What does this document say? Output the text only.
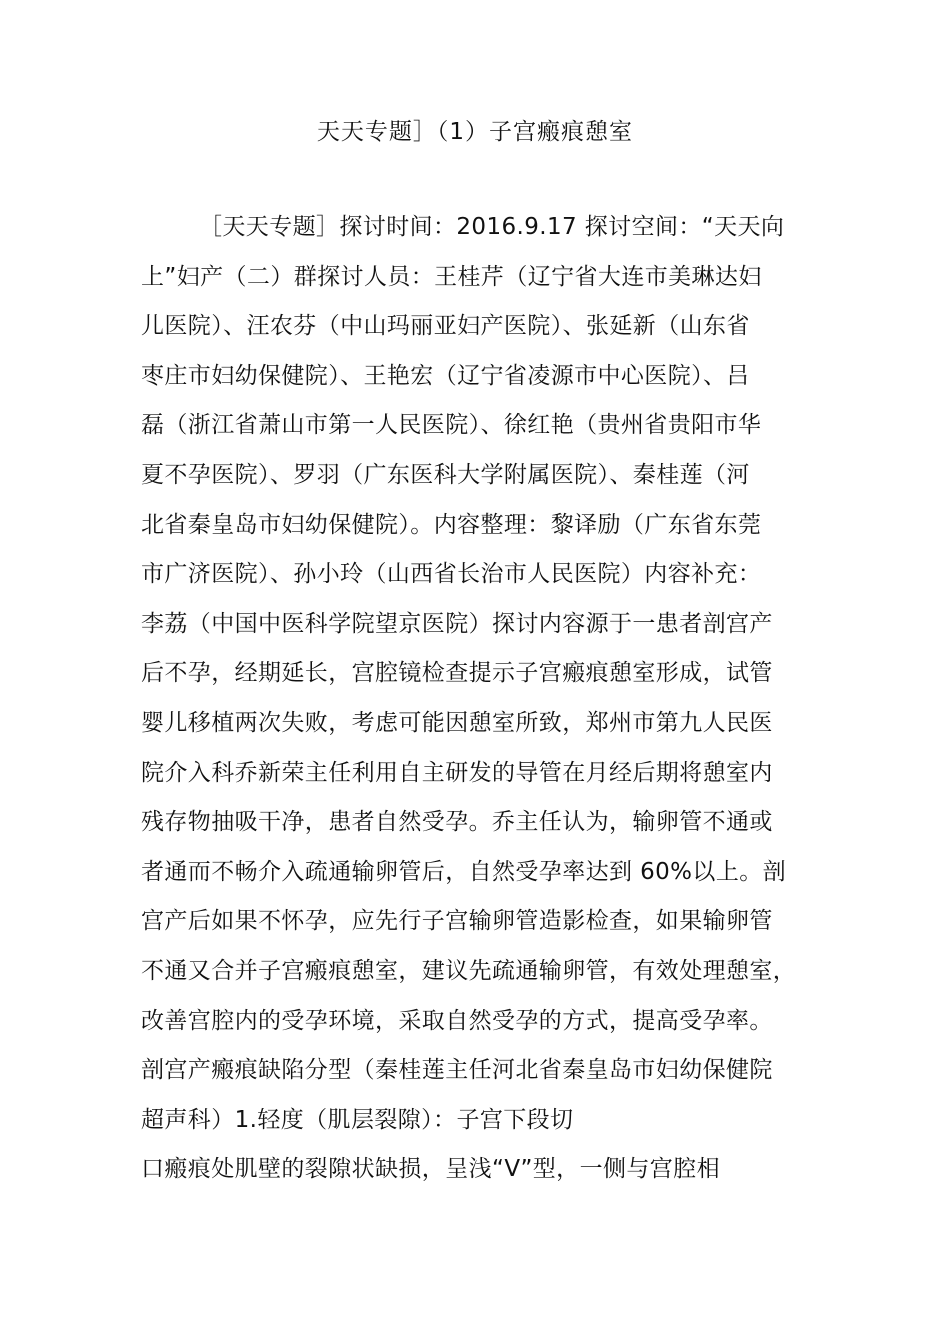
天天专题］（1）子宫瘢痕憩室
［天天专题］探讨时间：2016.9.17 探讨空间：“天天向
上”妇产（二）群探讨人员：王桂芹（辽宁省大连市美琳达妇
儿医院）、汪农芬（中山玛丽亚妇产医院）、张延新（山东省
枣庄市妇幼保健院）、王艳宏（辽宁省凌源市中心医院）、吕
磊（浙江省萧山市第一人民医院）、徐红艳（贵州省贵阳市华
夏不孕医院）、罗羽（广东医科大学附属医院）、秦桂莲（河
北省秦皇岛市妇幼保健院）。内容整理：黎译励（广东省东莞
市广济医院）、孙小玲（山西省长治市人民医院）内容补充：
李荔（中国中医科学院望京医院）探讨内容源于一患者剖宫产
后不孕，经期延长，宫腔镜检查提示子宫瘢痕憩室形成，试管
婴儿移植两次失败，考虑可能因憩室所致，郑州市第九人民医
院介入科乔新荣主任利用自主研发的导管在月经后期将憩室内
残存物抽吸干净，患者自然受孕。乔主任认为，输卵管不通或
者通而不畅介入疏通输卵管后，自然受孕率达到 60%以上。剖
宫产后如果不怀孕，应先行子宫输卵管造影检查，如果输卵管
不通又合并子宫瘢痕憩室，建议先疏通输卵管，有效处理憩室，
改善宫腔内的受孕环境，采取自然受孕的方式，提高受孕率。
剖宫产瘢痕缺陷分型（秦桂莲主任河北省秦皇岛市妇幼保健院
超声科）1.轻度（肌层裂隙）：子宫下段切
口瘢痕处肌壁的裂隙状缺损，呈浅“V”型，一侧与宫腔相
